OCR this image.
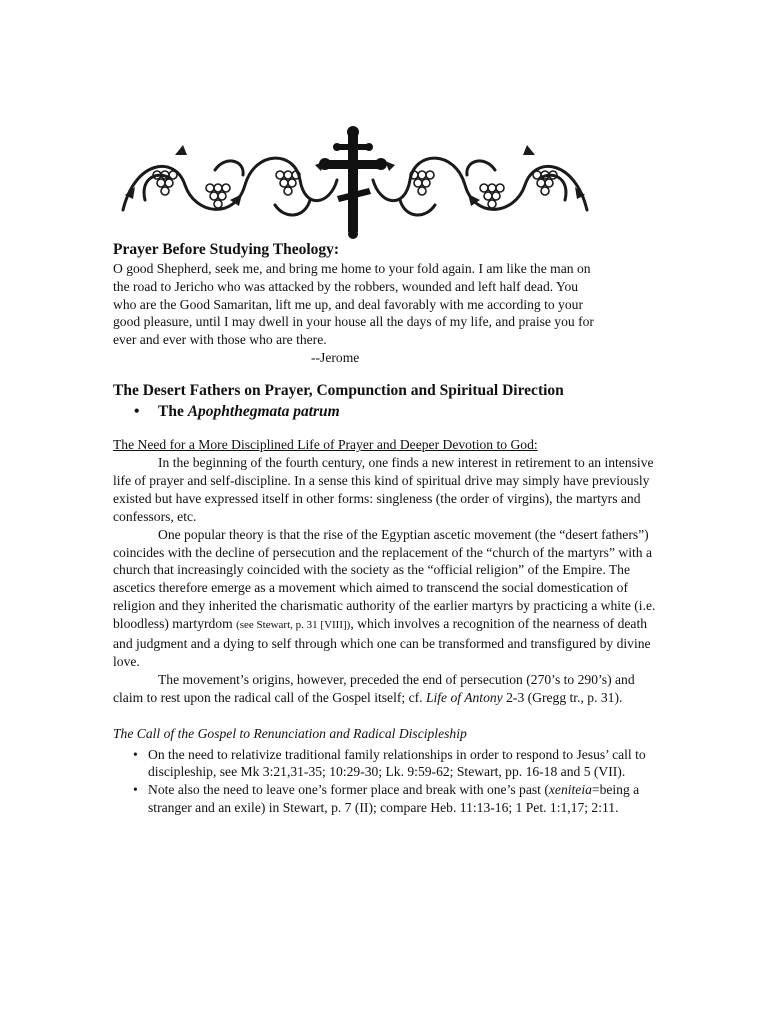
Prayer Before Studying Theology:
O good Shepherd, seek me, and bring me home to your fold again. I am like the man on
the road to Jericho who was attacked by the robbers, wounded and left half dead. You
who are the Good Samaritan, lift me up, and deal favorably with me according to your
good pleasure, until I may dwell in your house all the days of my life, and praise you for
ever and ever with those who are there.
--Jerome
The Desert Fathers on Prayer, Compunction and Spiritual Direction
• The Apophthegmata patrum
The Need for a More Disciplined Life of Prayer and Deeper Devotion to God:

In the beginning of the fourth century, one finds a new interest in retirement to an intensive life of prayer and self-discipline. In a sense this kind of spiritual drive may simply have previously existed but have expressed itself in other forms: singleness (the order of virgins), the martyrs and confessors, etc.

One popular theory is that the rise of the Egyptian ascetic movement (the “desert fathers”) coincides with the decline of persecution and the replacement of the “church of the martyrs” with a church that increasingly coincided with the society as the “official religion” of the Empire. The ascetics therefore emerge as a movement which aimed to transcend the social domestication of religion and they inherited the charismatic authority of the earlier martyrs by practicing a white (i.e. bloodless) martyrdom (see Stewart, p. 31 [VIII]), which involves a recognition of the nearness of death and judgment and a dying to self through which one can be transformed and transfigured by divine love.

The movement’s origins, however, preceded the end of persecution (270’s to 290’s) and claim to rest upon the radical call of the Gospel itself; cf. Life of Antony 2-3 (Gregg tr., p. 31).

The Call of the Gospel to Renunciation and Radical Discipleship
• On the need to relativize traditional family relationships in order to respond to Jesus’ call to discipleship, see Mk 3:21,31-35; 10:29-30; Lk. 9:59-62; Stewart, pp. 16-18 and 5 (VII).
• Note also the need to leave one’s former place and break with one’s past (xeniteia=being a stranger and an exile) in Stewart, p. 7 (II); compare Heb. 11:13-16; 1 Pet. 1:1,17; 2:11.
